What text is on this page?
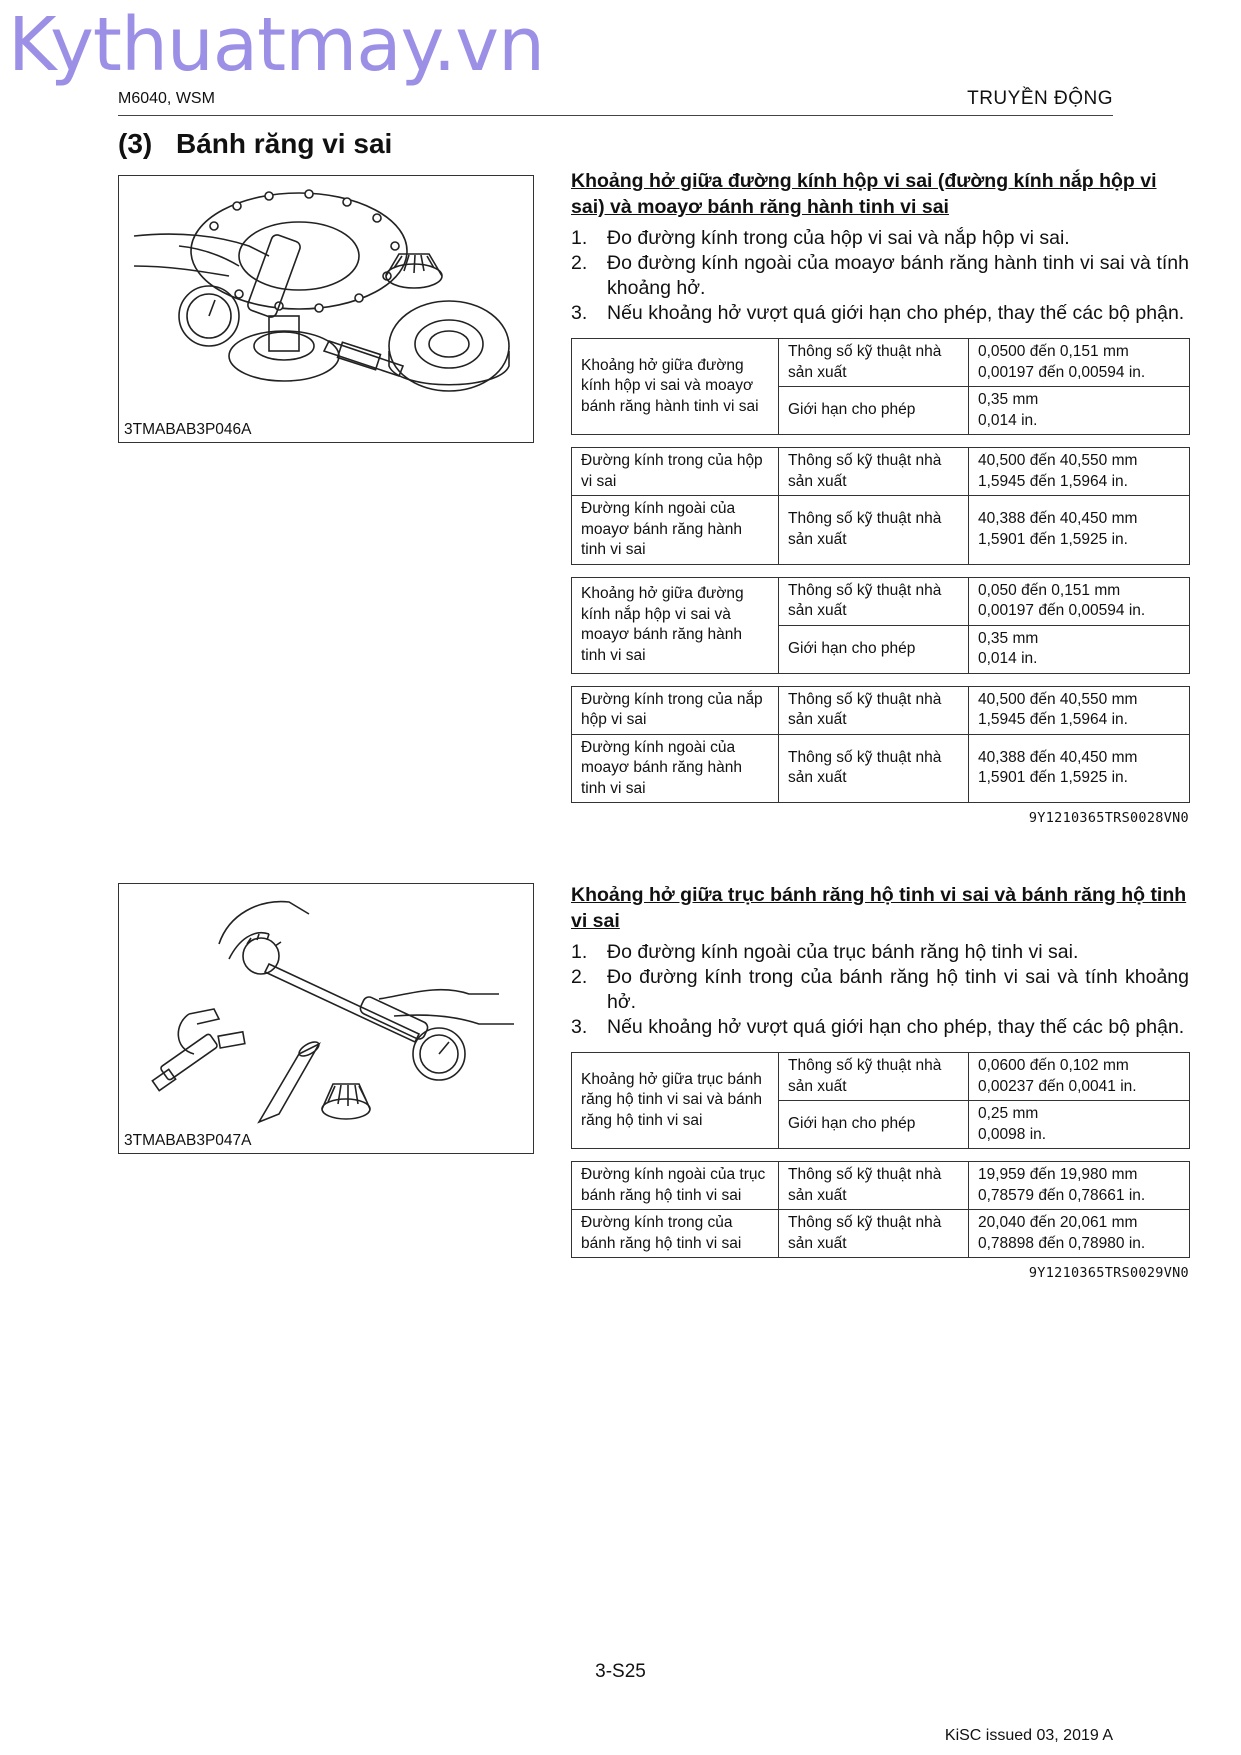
Kythuatmay.vn
M6040, WSM	TRUYỀN ĐỘNG
(3) Bánh răng vi sai
3TMABAB3P046A
3TMABAB3P047A
Khoảng hở giữa đường kính hộp vi sai (đường kính nắp hộp vi sai) và moayơ bánh răng hành tinh vi sai
1. Đo đường kính trong của hộp vi sai và nắp hộp vi sai.
2. Đo đường kính ngoài của moayơ bánh răng hành tinh vi sai và tính khoảng hở.
3. Nếu khoảng hở vượt quá giới hạn cho phép, thay thế các bộ phận.
Khoảng hở giữa đường kính hộp vi sai và moayơ bánh răng hành tinh vi sai	Thông số kỹ thuật nhà sản xuất	0,0500 đến 0,151 mm
0,00197 đến 0,00594 in.
	Giới hạn cho phép	0,35 mm
0,014 in.
Đường kính trong của hộp vi sai	Thông số kỹ thuật nhà sản xuất	40,500 đến 40,550 mm
1,5945 đến 1,5964 in.
Đường kính ngoài của moayơ bánh răng hành tinh vi sai	Thông số kỹ thuật nhà sản xuất	40,388 đến 40,450 mm
1,5901 đến 1,5925 in.
Khoảng hở giữa đường kính nắp hộp vi sai và moayơ bánh răng hành tinh vi sai	Thông số kỹ thuật nhà sản xuất	0,050 đến 0,151 mm
0,00197 đến 0,00594 in.
	Giới hạn cho phép	0,35 mm
0,014 in.
Đường kính trong của nắp hộp vi sai	Thông số kỹ thuật nhà sản xuất	40,500 đến 40,550 mm
1,5945 đến 1,5964 in.
Đường kính ngoài của moayơ bánh răng hành tinh vi sai	Thông số kỹ thuật nhà sản xuất	40,388 đến 40,450 mm
1,5901 đến 1,5925 in.
9Y1210365TRS0028VN0
Khoảng hở giữa trục bánh răng hộ tinh vi sai và bánh răng hộ tinh vi sai
1. Đo đường kính ngoài của trục bánh răng hộ tinh vi sai.
2. Đo đường kính trong của bánh răng hộ tinh vi sai và tính khoảng hở.
3. Nếu khoảng hở vượt quá giới hạn cho phép, thay thế các bộ phận.
Khoảng hở giữa trục bánh răng hộ tinh vi sai và bánh răng hộ tinh vi sai	Thông số kỹ thuật nhà sản xuất	0,0600 đến 0,102 mm
0,00237 đến 0,0041 in.
	Giới hạn cho phép	0,25 mm
0,0098 in.
Đường kính ngoài của trục bánh răng hộ tinh vi sai	Thông số kỹ thuật nhà sản xuất	19,959 đến 19,980 mm
0,78579 đến 0,78661 in.
Đường kính trong của bánh răng hộ tinh vi sai	Thông số kỹ thuật nhà sản xuất	20,040 đến 20,061 mm
0,78898 đến 0,78980 in.
9Y1210365TRS0029VN0
3-S25
KiSC issued 03, 2019 A
